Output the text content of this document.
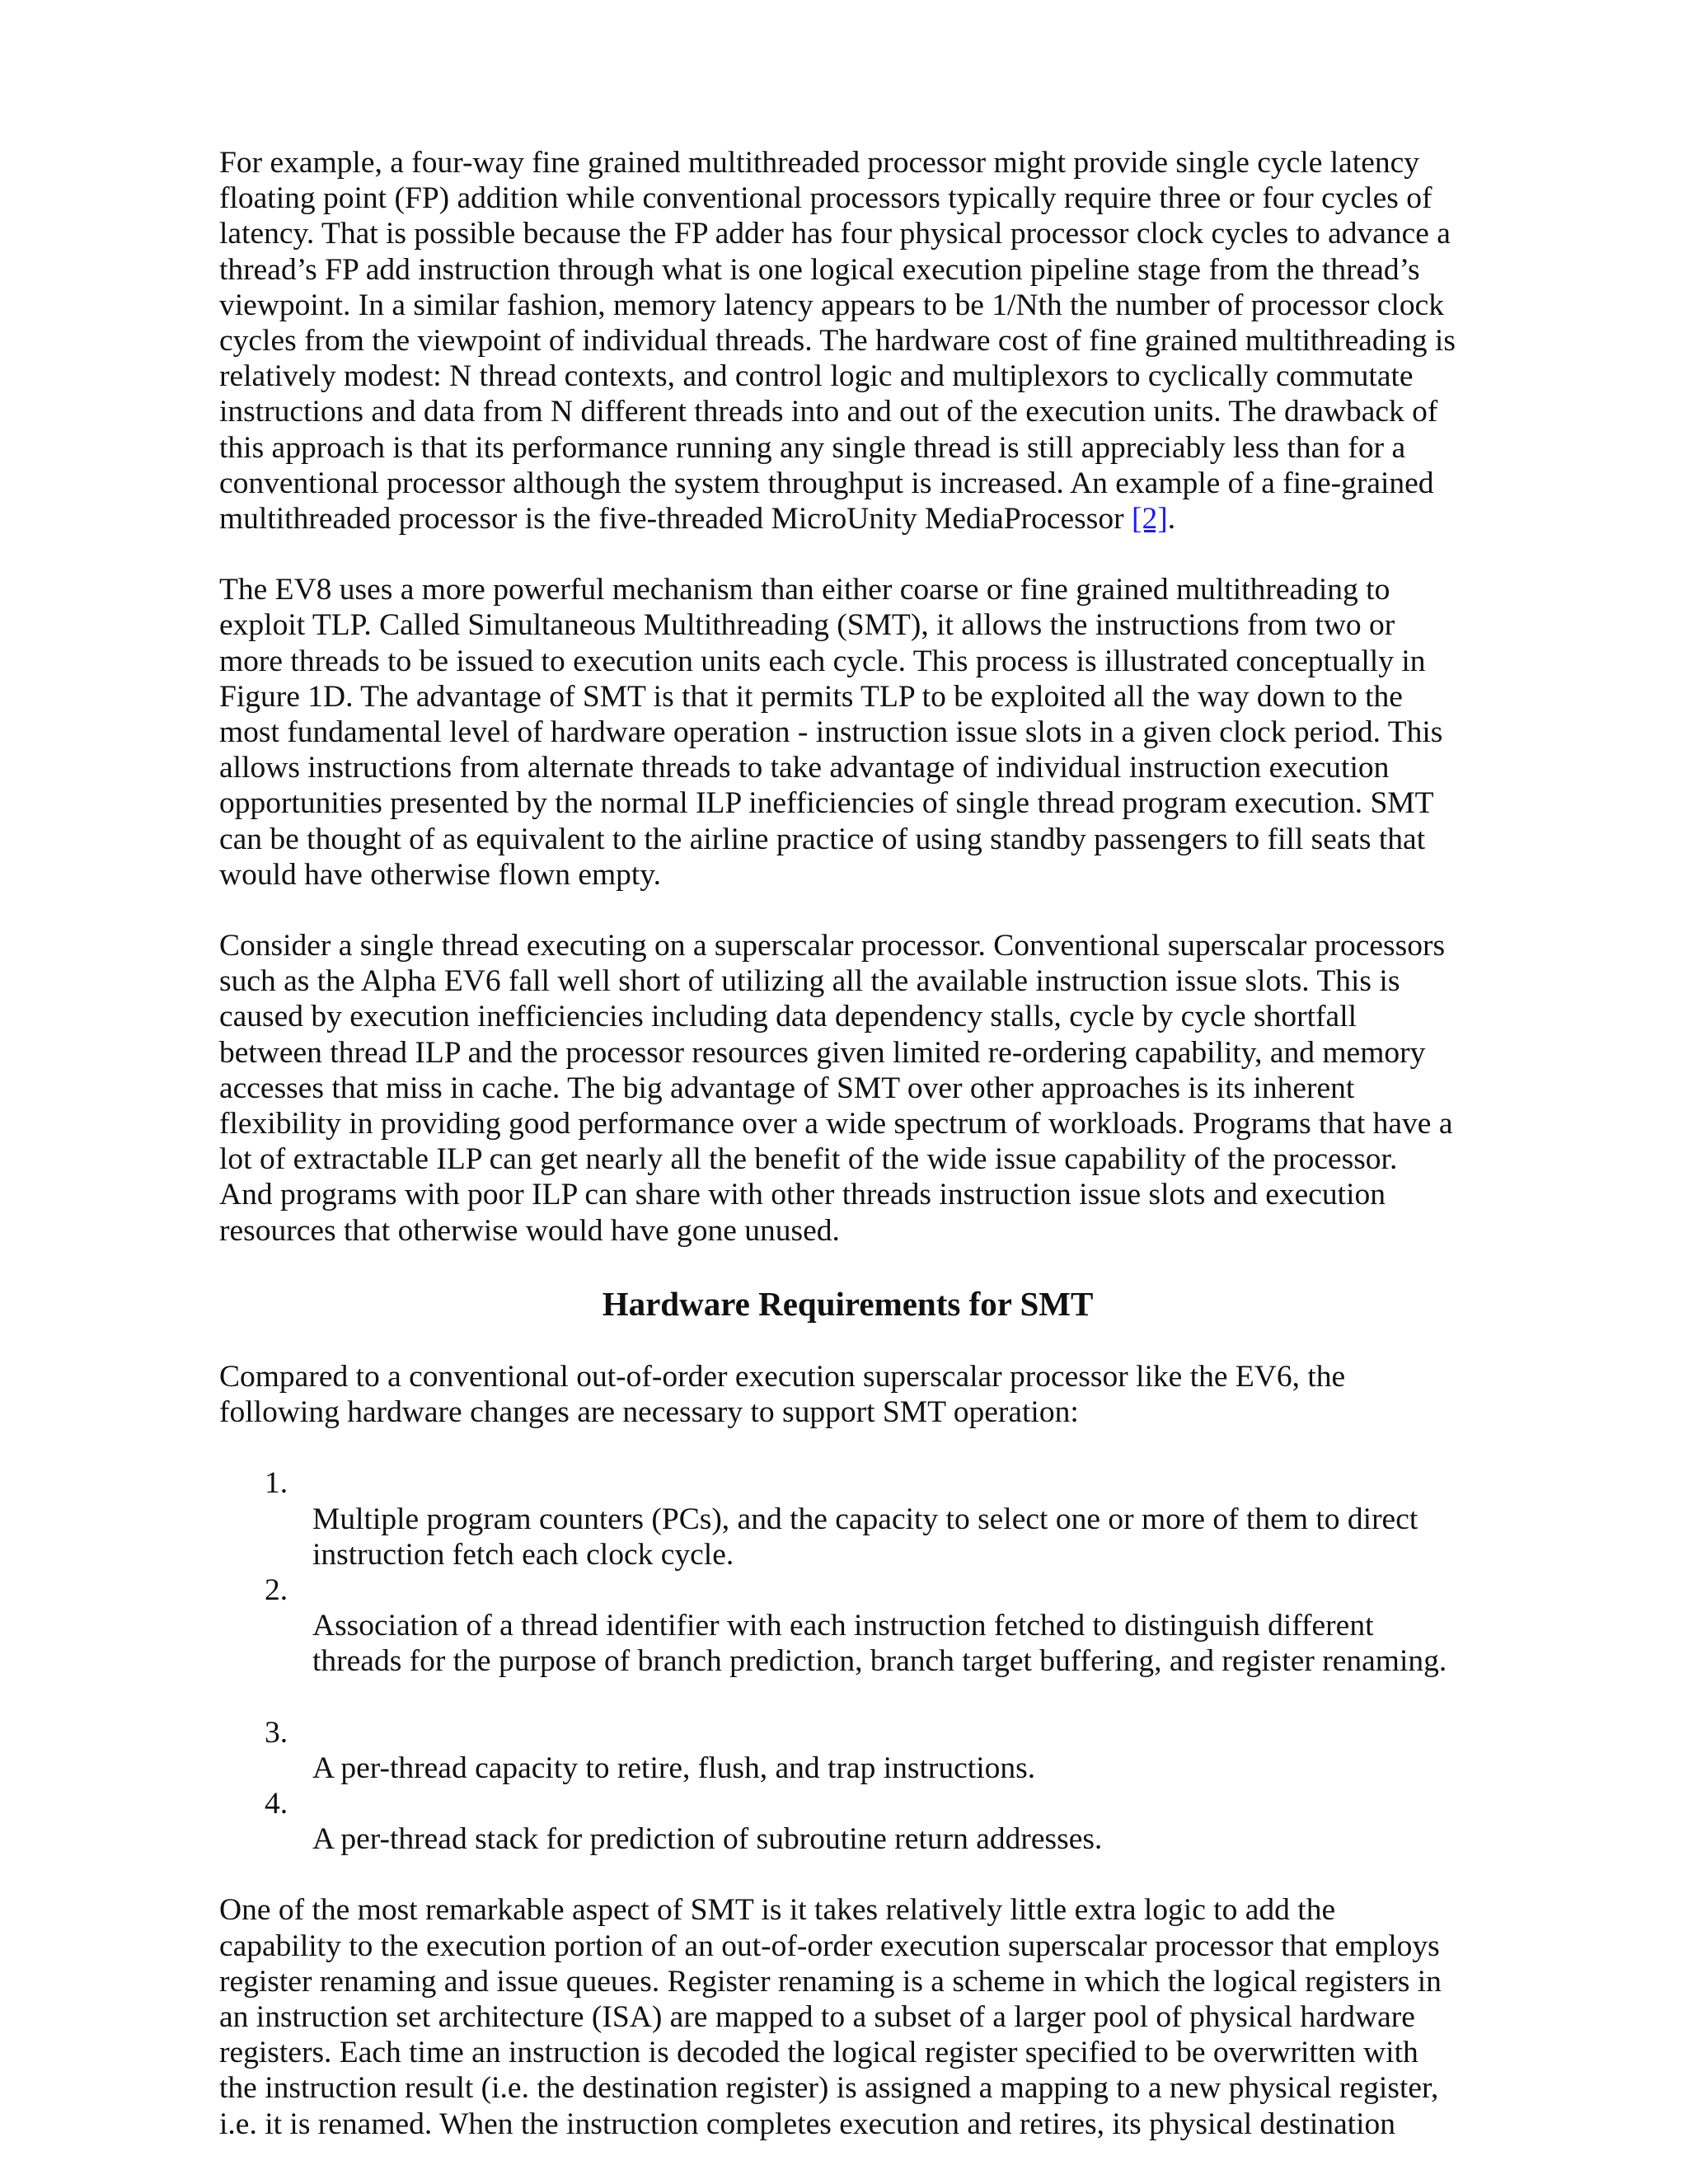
For example, a four-way fine grained multithreaded processor might provide single cycle latency
floating point (FP) addition while conventional processors typically require three or four cycles of
latency. That is possible because the FP adder has four physical processor clock cycles to advance a
thread’s FP add instruction through what is one logical execution pipeline stage from the thread’s
viewpoint. In a similar fashion, memory latency appears to be 1/Nth the number of processor clock
cycles from the viewpoint of individual threads. The hardware cost of fine grained multithreading is
relatively modest: N thread contexts, and control logic and multiplexors to cyclically commutate
instructions and data from N different threads into and out of the execution units. The drawback of
this approach is that its performance running any single thread is still appreciably less than for a
conventional processor although the system throughput is increased. An example of a fine-grained
multithreaded processor is the five-threaded MicroUnity MediaProcessor [2].

The EV8 uses a more powerful mechanism than either coarse or fine grained multithreading to
exploit TLP. Called Simultaneous Multithreading (SMT), it allows the instructions from two or
more threads to be issued to execution units each cycle. This process is illustrated conceptually in
Figure 1D. The advantage of SMT is that it permits TLP to be exploited all the way down to the
most fundamental level of hardware operation - instruction issue slots in a given clock period. This
allows instructions from alternate threads to take advantage of individual instruction execution
opportunities presented by the normal ILP inefficiencies of single thread program execution. SMT
can be thought of as equivalent to the airline practice of using standby passengers to fill seats that
would have otherwise flown empty.

Consider a single thread executing on a superscalar processor. Conventional superscalar processors
such as the Alpha EV6 fall well short of utilizing all the available instruction issue slots. This is
caused by execution inefficiencies including data dependency stalls, cycle by cycle shortfall
between thread ILP and the processor resources given limited re-ordering capability, and memory
accesses that miss in cache. The big advantage of SMT over other approaches is its inherent
flexibility in providing good performance over a wide spectrum of workloads. Programs that have a
lot of extractable ILP can get nearly all the benefit of the wide issue capability of the processor.
And programs with poor ILP can share with other threads instruction issue slots and execution
resources that otherwise would have gone unused.

Hardware Requirements for SMT

Compared to a conventional out-of-order execution superscalar processor like the EV6, the
following hardware changes are necessary to support SMT operation:

1.
Multiple program counters (PCs), and the capacity to select one or more of them to direct
instruction fetch each clock cycle.

2.
Association of a thread identifier with each instruction fetched to distinguish different
threads for the purpose of branch prediction, branch target buffering, and register renaming.

3.
A per-thread capacity to retire, flush, and trap instructions.

4.
A per-thread stack for prediction of subroutine return addresses.

One of the most remarkable aspect of SMT is it takes relatively little extra logic to add the
capability to the execution portion of an out-of-order execution superscalar processor that employs
register renaming and issue queues. Register renaming is a scheme in which the logical registers in
an instruction set architecture (ISA) are mapped to a subset of a larger pool of physical hardware
registers. Each time an instruction is decoded the logical register specified to be overwritten with
the instruction result (i.e. the destination register) is assigned a mapping to a new physical register,
i.e. it is renamed. When the instruction completes execution and retires, its physical destination
